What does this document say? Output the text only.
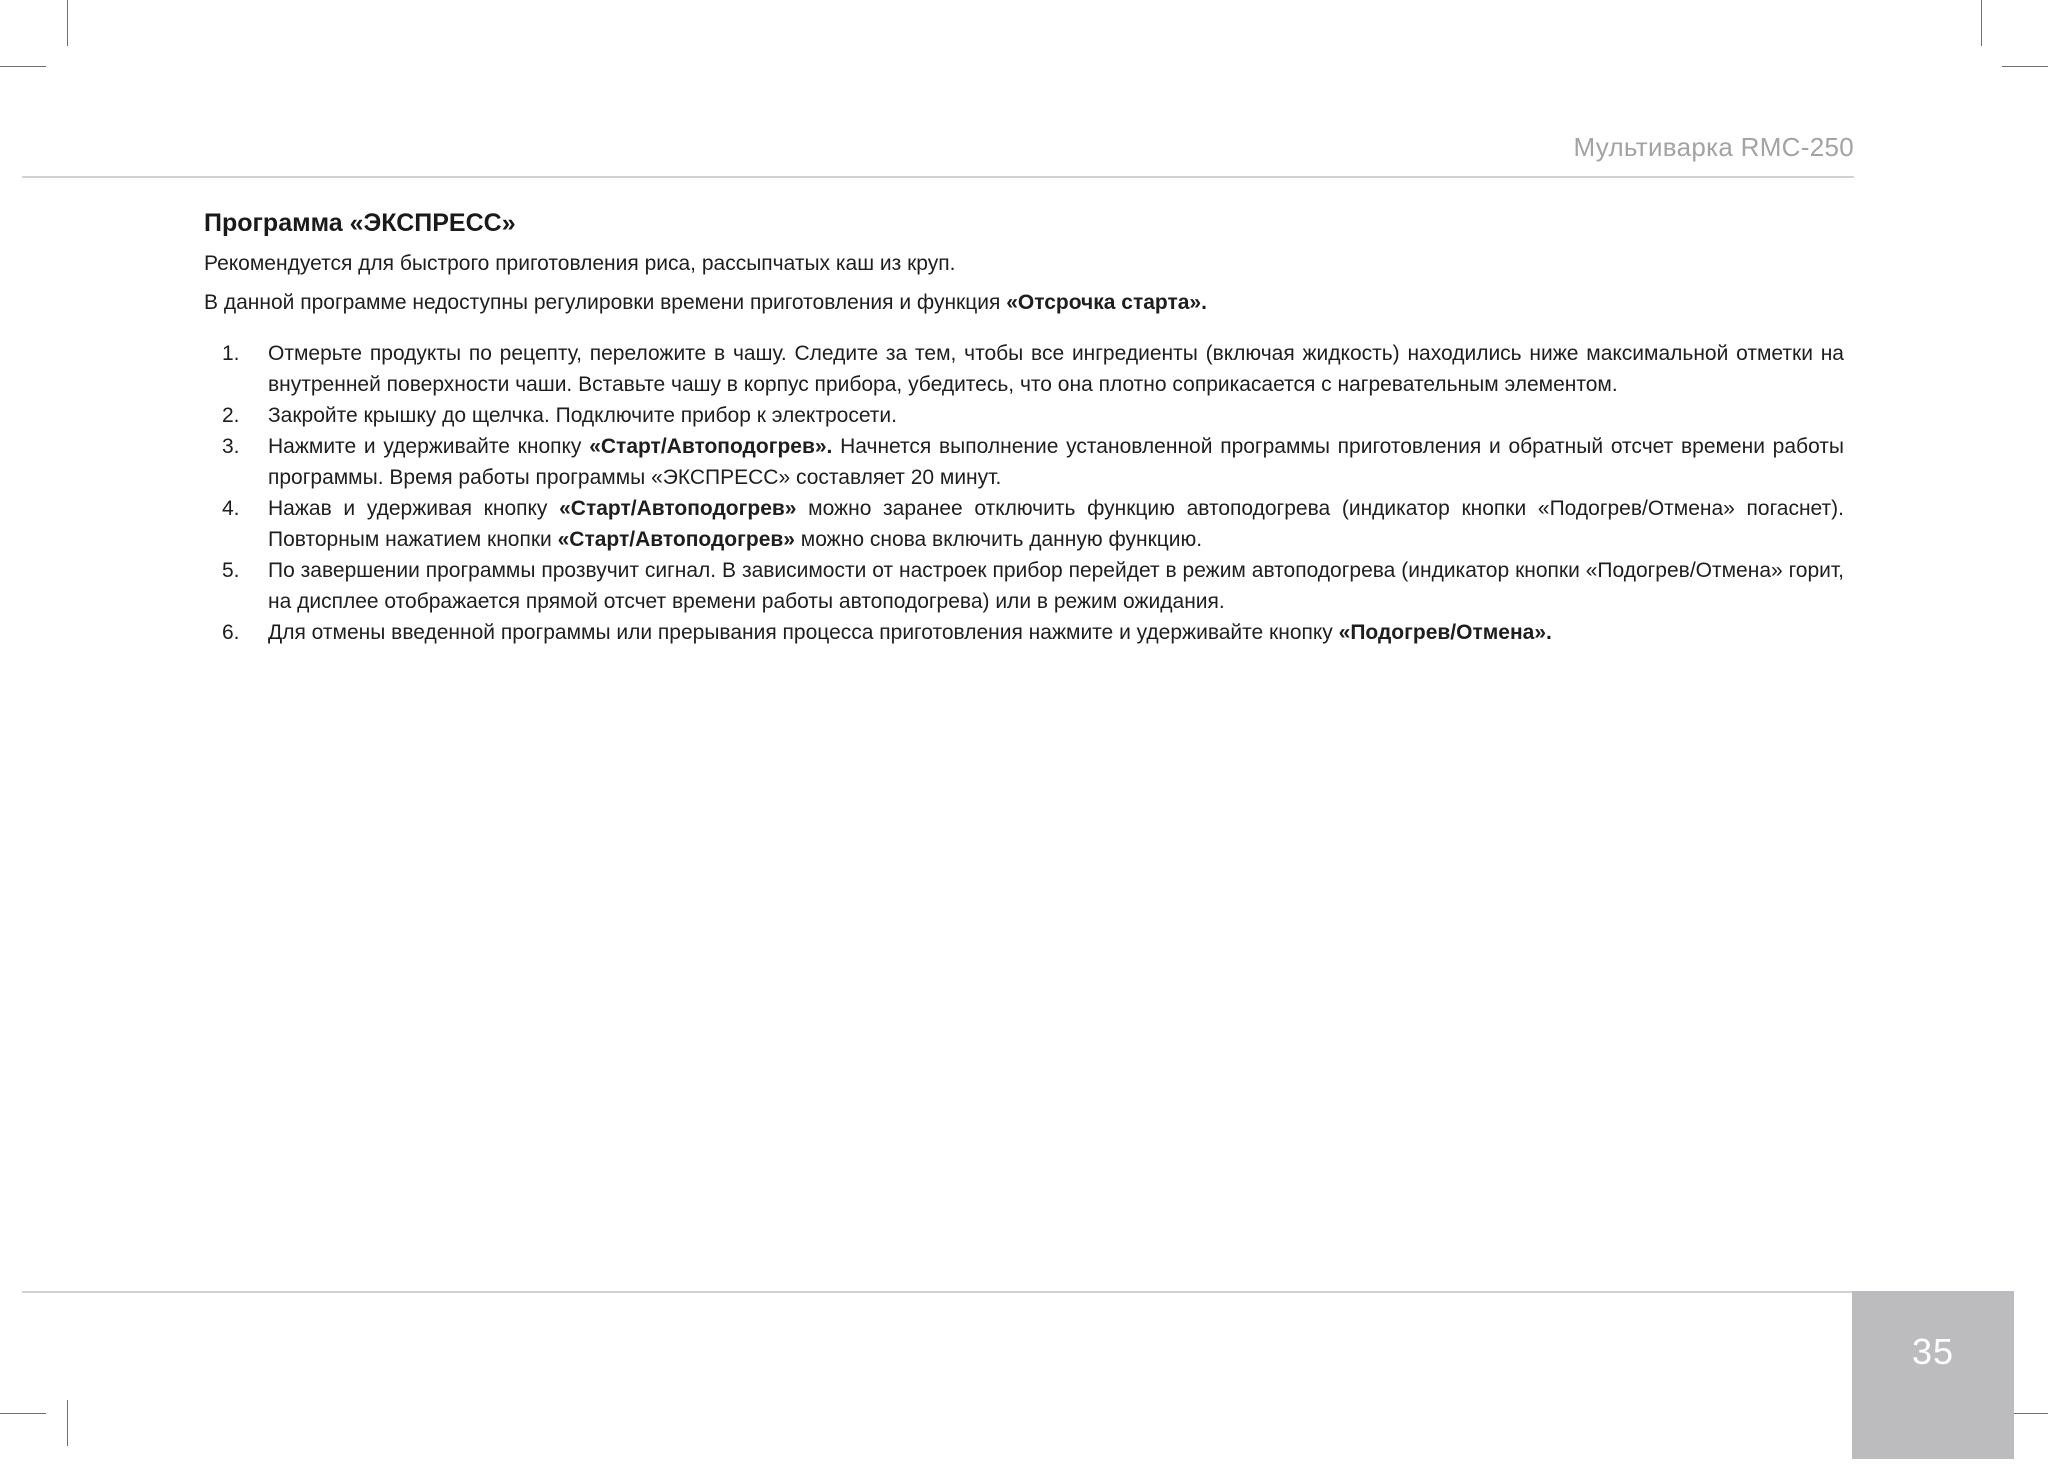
Мультиварка RMC-250
Программа «ЭКСПРЕСС»

Рекомендуется для быстрого приготовления риса, рассыпчатых каш из круп.

В данной программе недоступны регулировки времени приготовления и функция «Отсрочка старта».

1. Отмерьте продукты по рецепту, переложите в чашу. Следите за тем, чтобы все ингредиенты (включая жидкость) находились ниже максимальной отметки на внутренней поверхности чаши. Вставьте чашу в корпус прибора, убедитесь, что она плотно соприкасается с нагревательным элементом.
2. Закройте крышку до щелчка. Подключите прибор к электросети.
3. Нажмите и удерживайте кнопку «Старт/Автоподогрев». Начнется выполнение установленной программы приготовления и обратный отсчет времени работы программы. Время работы программы «ЭКСПРЕСС» составляет 20 минут.
4. Нажав и удерживая кнопку «Старт/Автоподогрев» можно заранее отключить функцию автоподогрева (индикатор кнопки «Подогрев/Отмена» погаснет). Повторным нажатием кнопки «Старт/Автоподогрев» можно снова включить данную функцию.
5. По завершении программы прозвучит сигнал. В зависимости от настроек прибор перейдет в режим автоподогрева (индикатор кнопки «Подогрев/Отмена» горит, на дисплее отображается прямой отсчет времени работы автоподогрева) или в режим ожидания.
6. Для отмены введенной программы или прерывания процесса приготовления нажмите и удерживайте кнопку «Подогрев/Отмена».
35
